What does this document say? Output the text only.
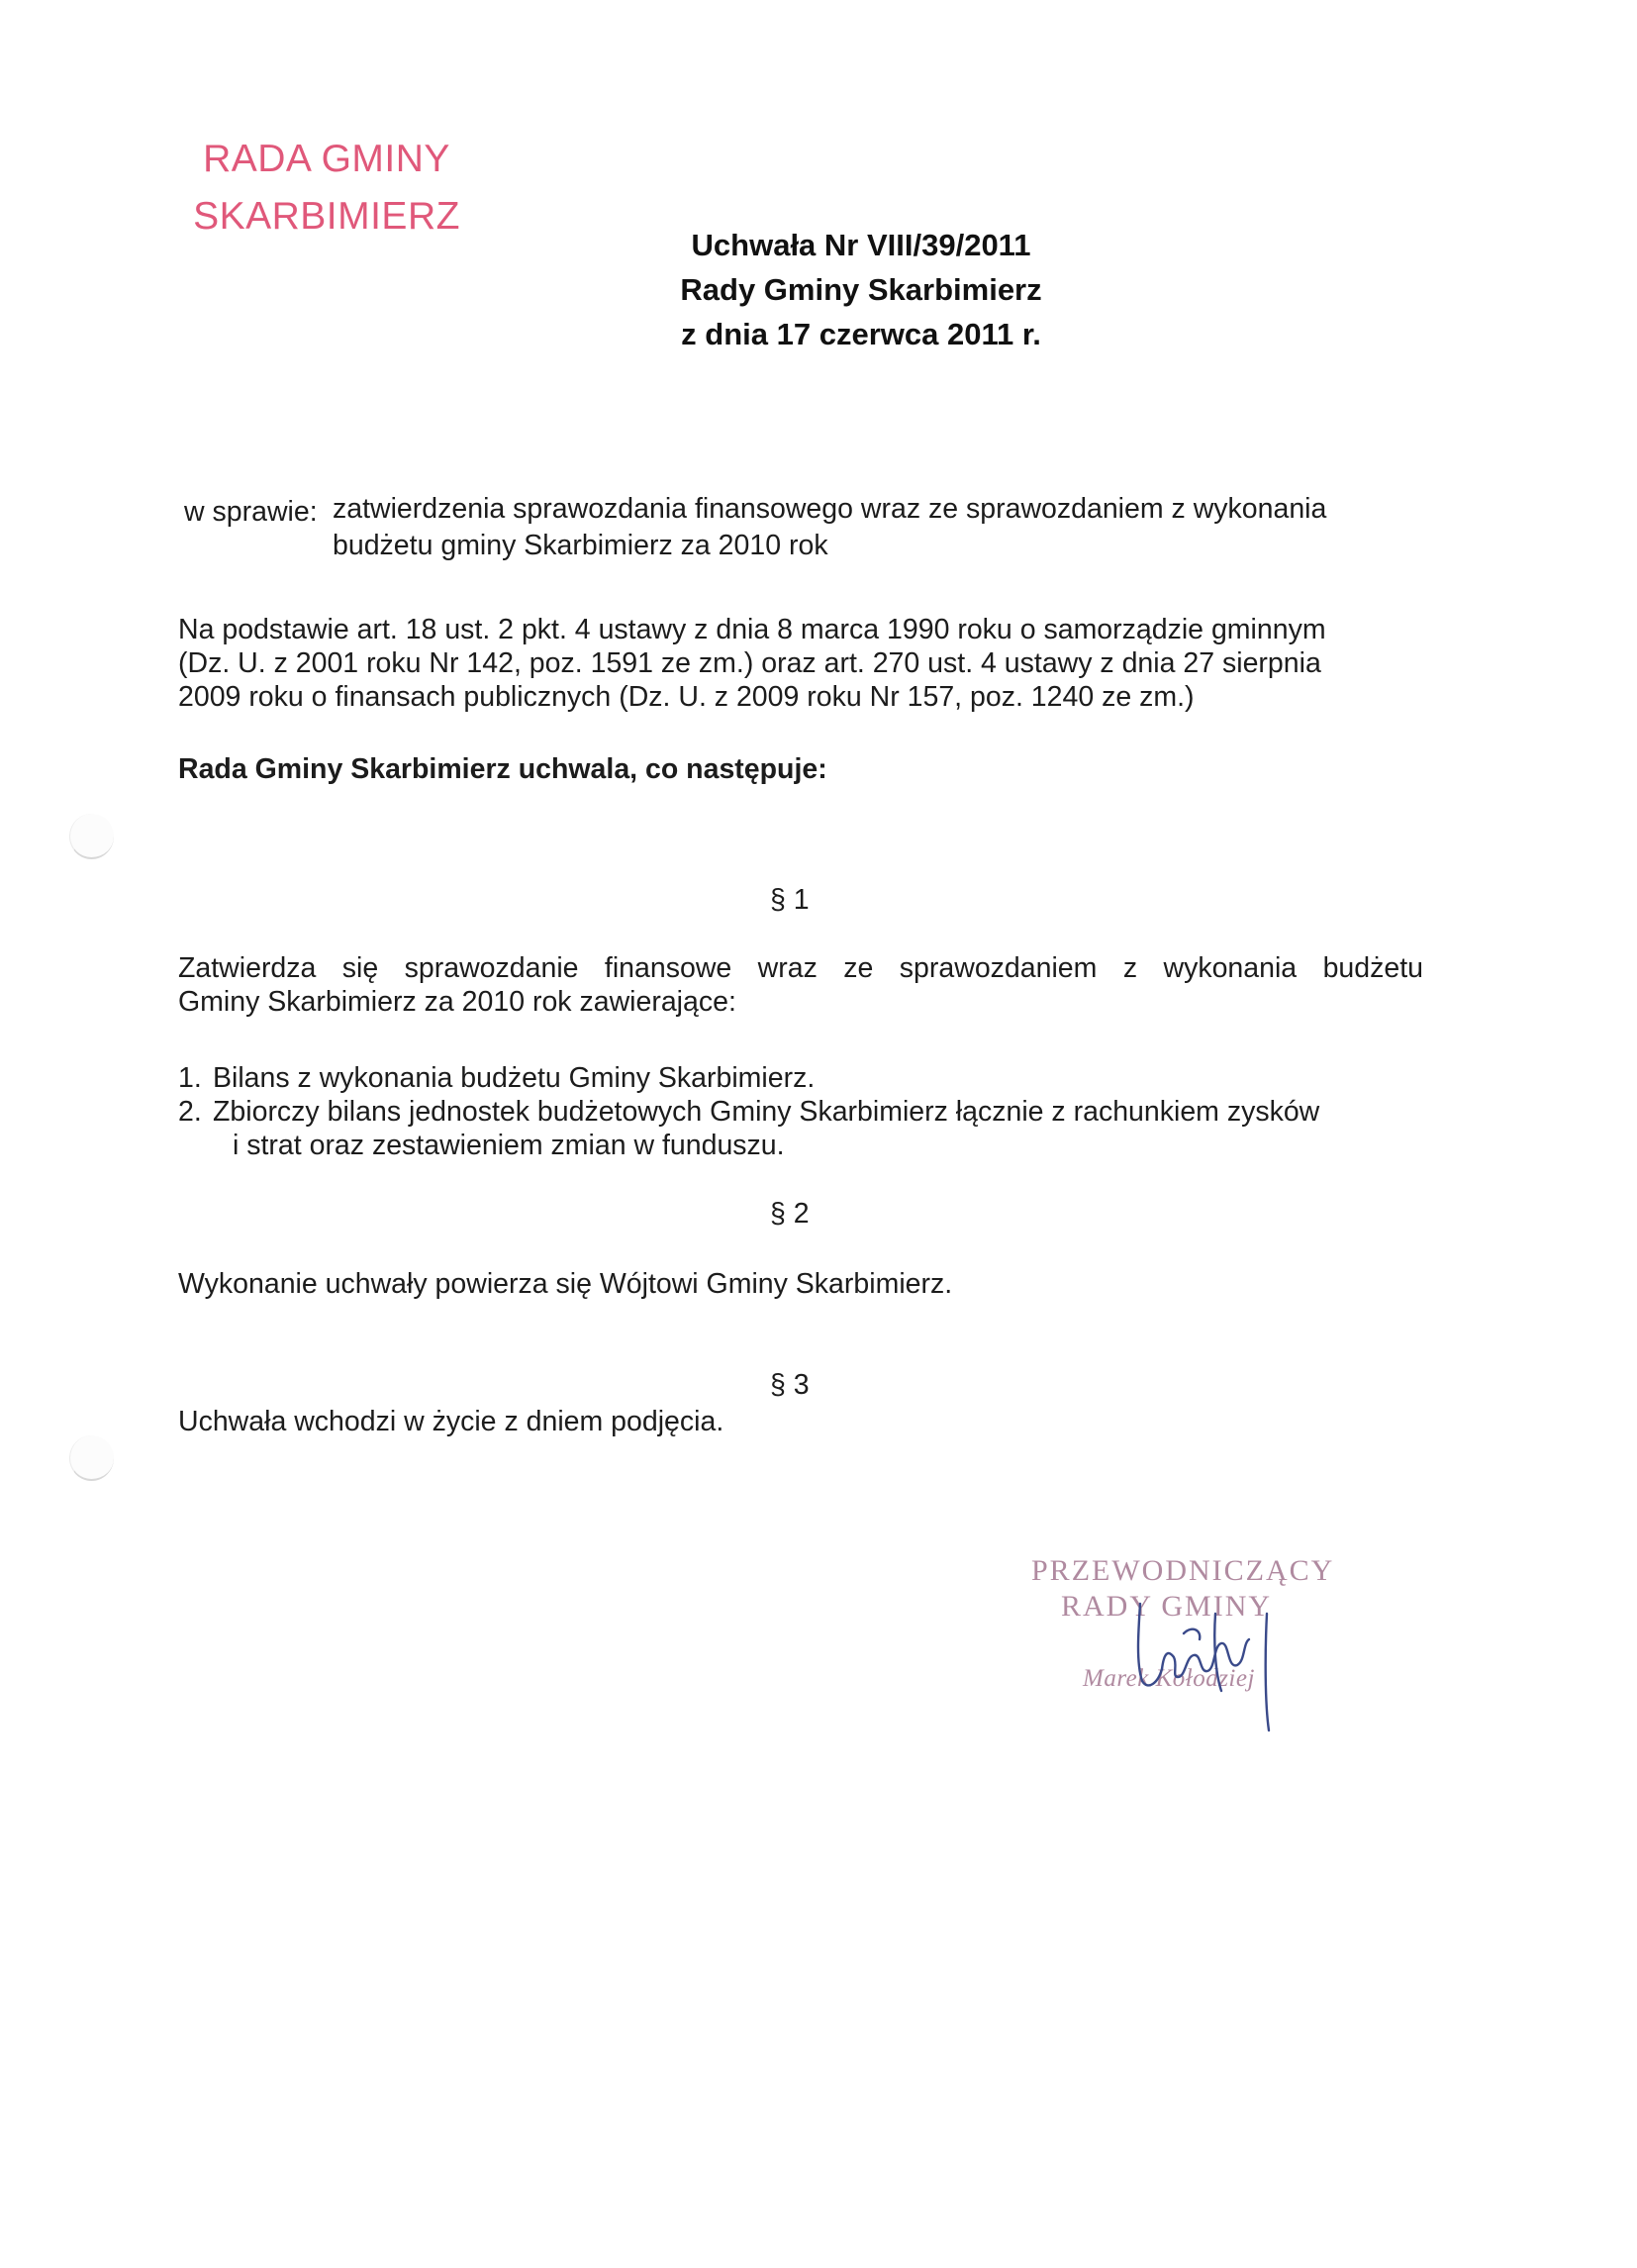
RADA GMINY
SKARBIMIERZ
Uchwała Nr VIII/39/2011
Rady Gminy Skarbimierz
z dnia 17 czerwca 2011 r.
w sprawie: zatwierdzenia sprawozdania finansowego wraz ze sprawozdaniem z wykonania
budżetu gminy Skarbimierz za 2010 rok
Na podstawie art. 18 ust. 2 pkt. 4 ustawy z dnia 8 marca 1990 roku o samorządzie gminnym
(Dz. U. z 2001 roku Nr 142, poz. 1591 ze zm.) oraz art. 270 ust. 4 ustawy z dnia 27 sierpnia
2009 roku o finansach publicznych (Dz. U. z 2009 roku Nr 157, poz. 1240 ze zm.)
Rada Gminy Skarbimierz uchwala, co następuje:
§ 1
Zatwierdza się sprawozdanie finansowe wraz ze sprawozdaniem z wykonania budżetu
Gminy Skarbimierz za 2010 rok zawierające:
1. Bilans z wykonania budżetu Gminy Skarbimierz.
2. Zbiorczy bilans jednostek budżetowych Gminy Skarbimierz łącznie z rachunkiem zysków
i strat oraz zestawieniem zmian w funduszu.
§ 2
Wykonanie uchwały powierza się Wójtowi Gminy Skarbimierz.
§ 3
Uchwała wchodzi w życie z dniem podjęcia.
PRZEWODNICZĄCY
RADY GMINY
Marek Kołodziej
